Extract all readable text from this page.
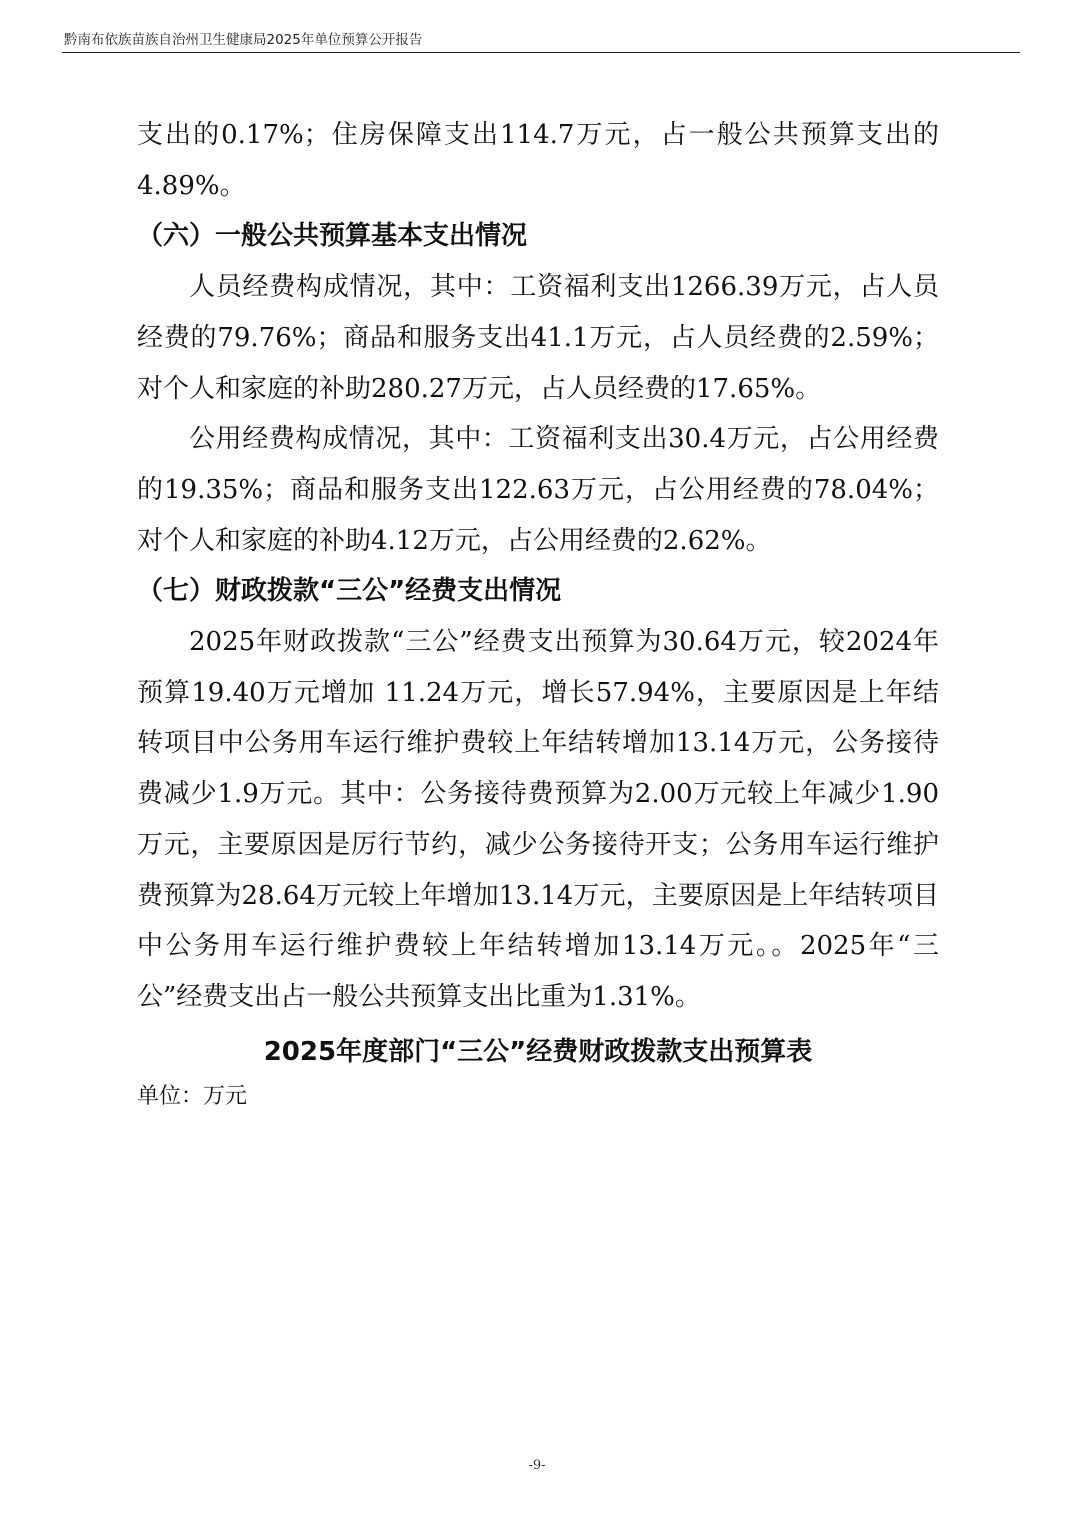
黔南布依族苗族自治州卫生健康局2025年单位预算公开报告

支出的0.17%；住房保障支出114.7万元，占一般公共预算支出的4.89%。

（六）一般公共预算基本支出情况

人员经费构成情况，其中：工资福利支出1266.39万元，占人员经费的79.76%；商品和服务支出41.1万元，占人员经费的2.59%；对个人和家庭的补助280.27万元，占人员经费的17.65%。

公用经费构成情况，其中：工资福利支出30.4万元，占公用经费的19.35%；商品和服务支出122.63万元，占公用经费的78.04%；对个人和家庭的补助4.12万元，占公用经费的2.62%。

（七）财政拨款“三公”经费支出情况

2025年财政拨款“三公”经费支出预算为30.64万元，较2024年预算19.40万元增加 11.24万元，增长57.94%，主要原因是上年结转项目中公务用车运行维护费较上年结转增加13.14万元，公务接待费减少1.9万元。其中：公务接待费预算为2.00万元较上年减少1.90万元，主要原因是厉行节约，减少公务接待开支；公务用车运行维护费预算为28.64万元较上年增加13.14万元，主要原因是上年结转项目中公务用车运行维护费较上年结转增加13.14万元。。2025年“三公”经费支出占一般公共预算支出比重为1.31%。

2025年度部门“三公”经费财政拨款支出预算表

单位：万元

-9-
